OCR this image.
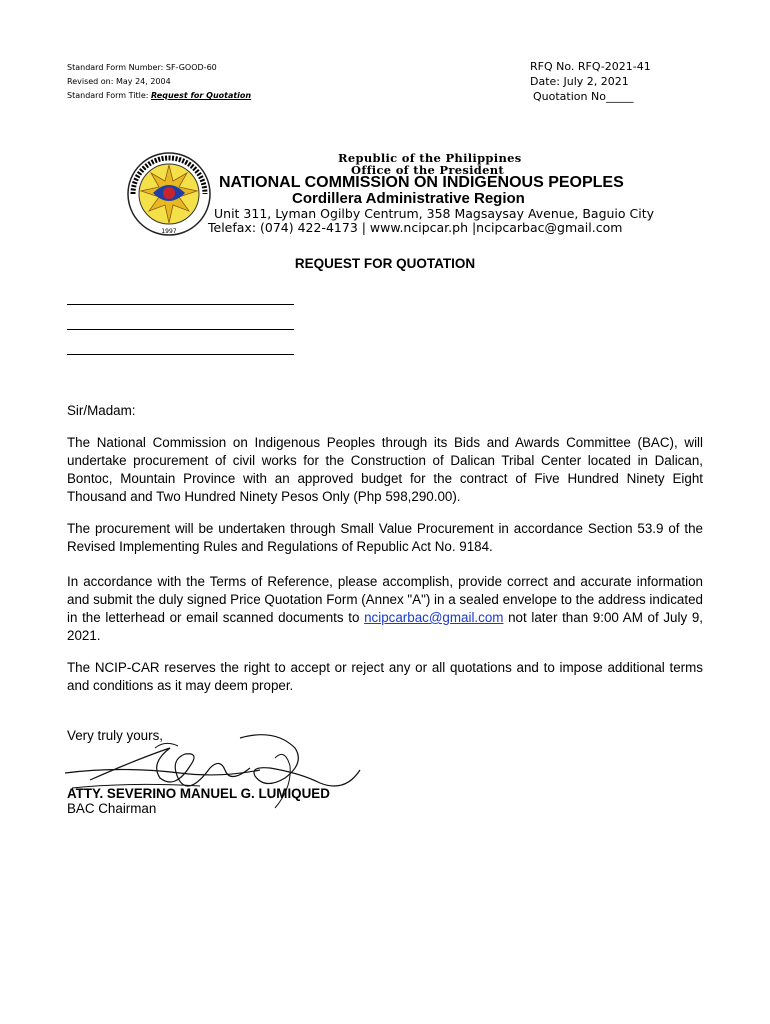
Standard Form Number: SF-GOOD-60
Revised on: May 24, 2004
Standard Form Title: Request for Quotation
RFQ No. RFQ-2021-41
Date: July 2, 2021
Quotation No_____
1997
Republic of the Philippines
Office of the President
NATIONAL COMMISSION ON INDIGENOUS PEOPLES
Cordillera Administrative Region
Unit 311, Lyman Ogilby Centrum, 358 Magsaysay Avenue, Baguio City
Telefax: (074) 422-4173 | www.ncipcar.ph |ncipcarbac@gmail.com
REQUEST FOR QUOTATION
Sir/Madam:
The National Commission on Indigenous Peoples through its Bids and Awards Committee (BAC), will undertake procurement of civil works for the Construction of Dalican Tribal Center located in Dalican, Bontoc, Mountain Province with an approved budget for the contract of Five Hundred Ninety Eight Thousand and Two Hundred Ninety Pesos Only (Php 598,290.00).
The procurement will be undertaken through Small Value Procurement in accordance Section 53.9 of the Revised Implementing Rules and Regulations of Republic Act No. 9184.
In accordance with the Terms of Reference, please accomplish, provide correct and accurate information and submit the duly signed Price Quotation Form (Annex "A") in a sealed envelope to the address indicated in the letterhead or email scanned documents to ncipcarbac@gmail.com not later than 9:00 AM of July 9, 2021.
The NCIP-CAR reserves the right to accept or reject any or all quotations and to impose additional terms and conditions as it may deem proper.
Very truly yours,
ATTY. SEVERINO MANUEL G. LUMIQUED
BAC Chairman
